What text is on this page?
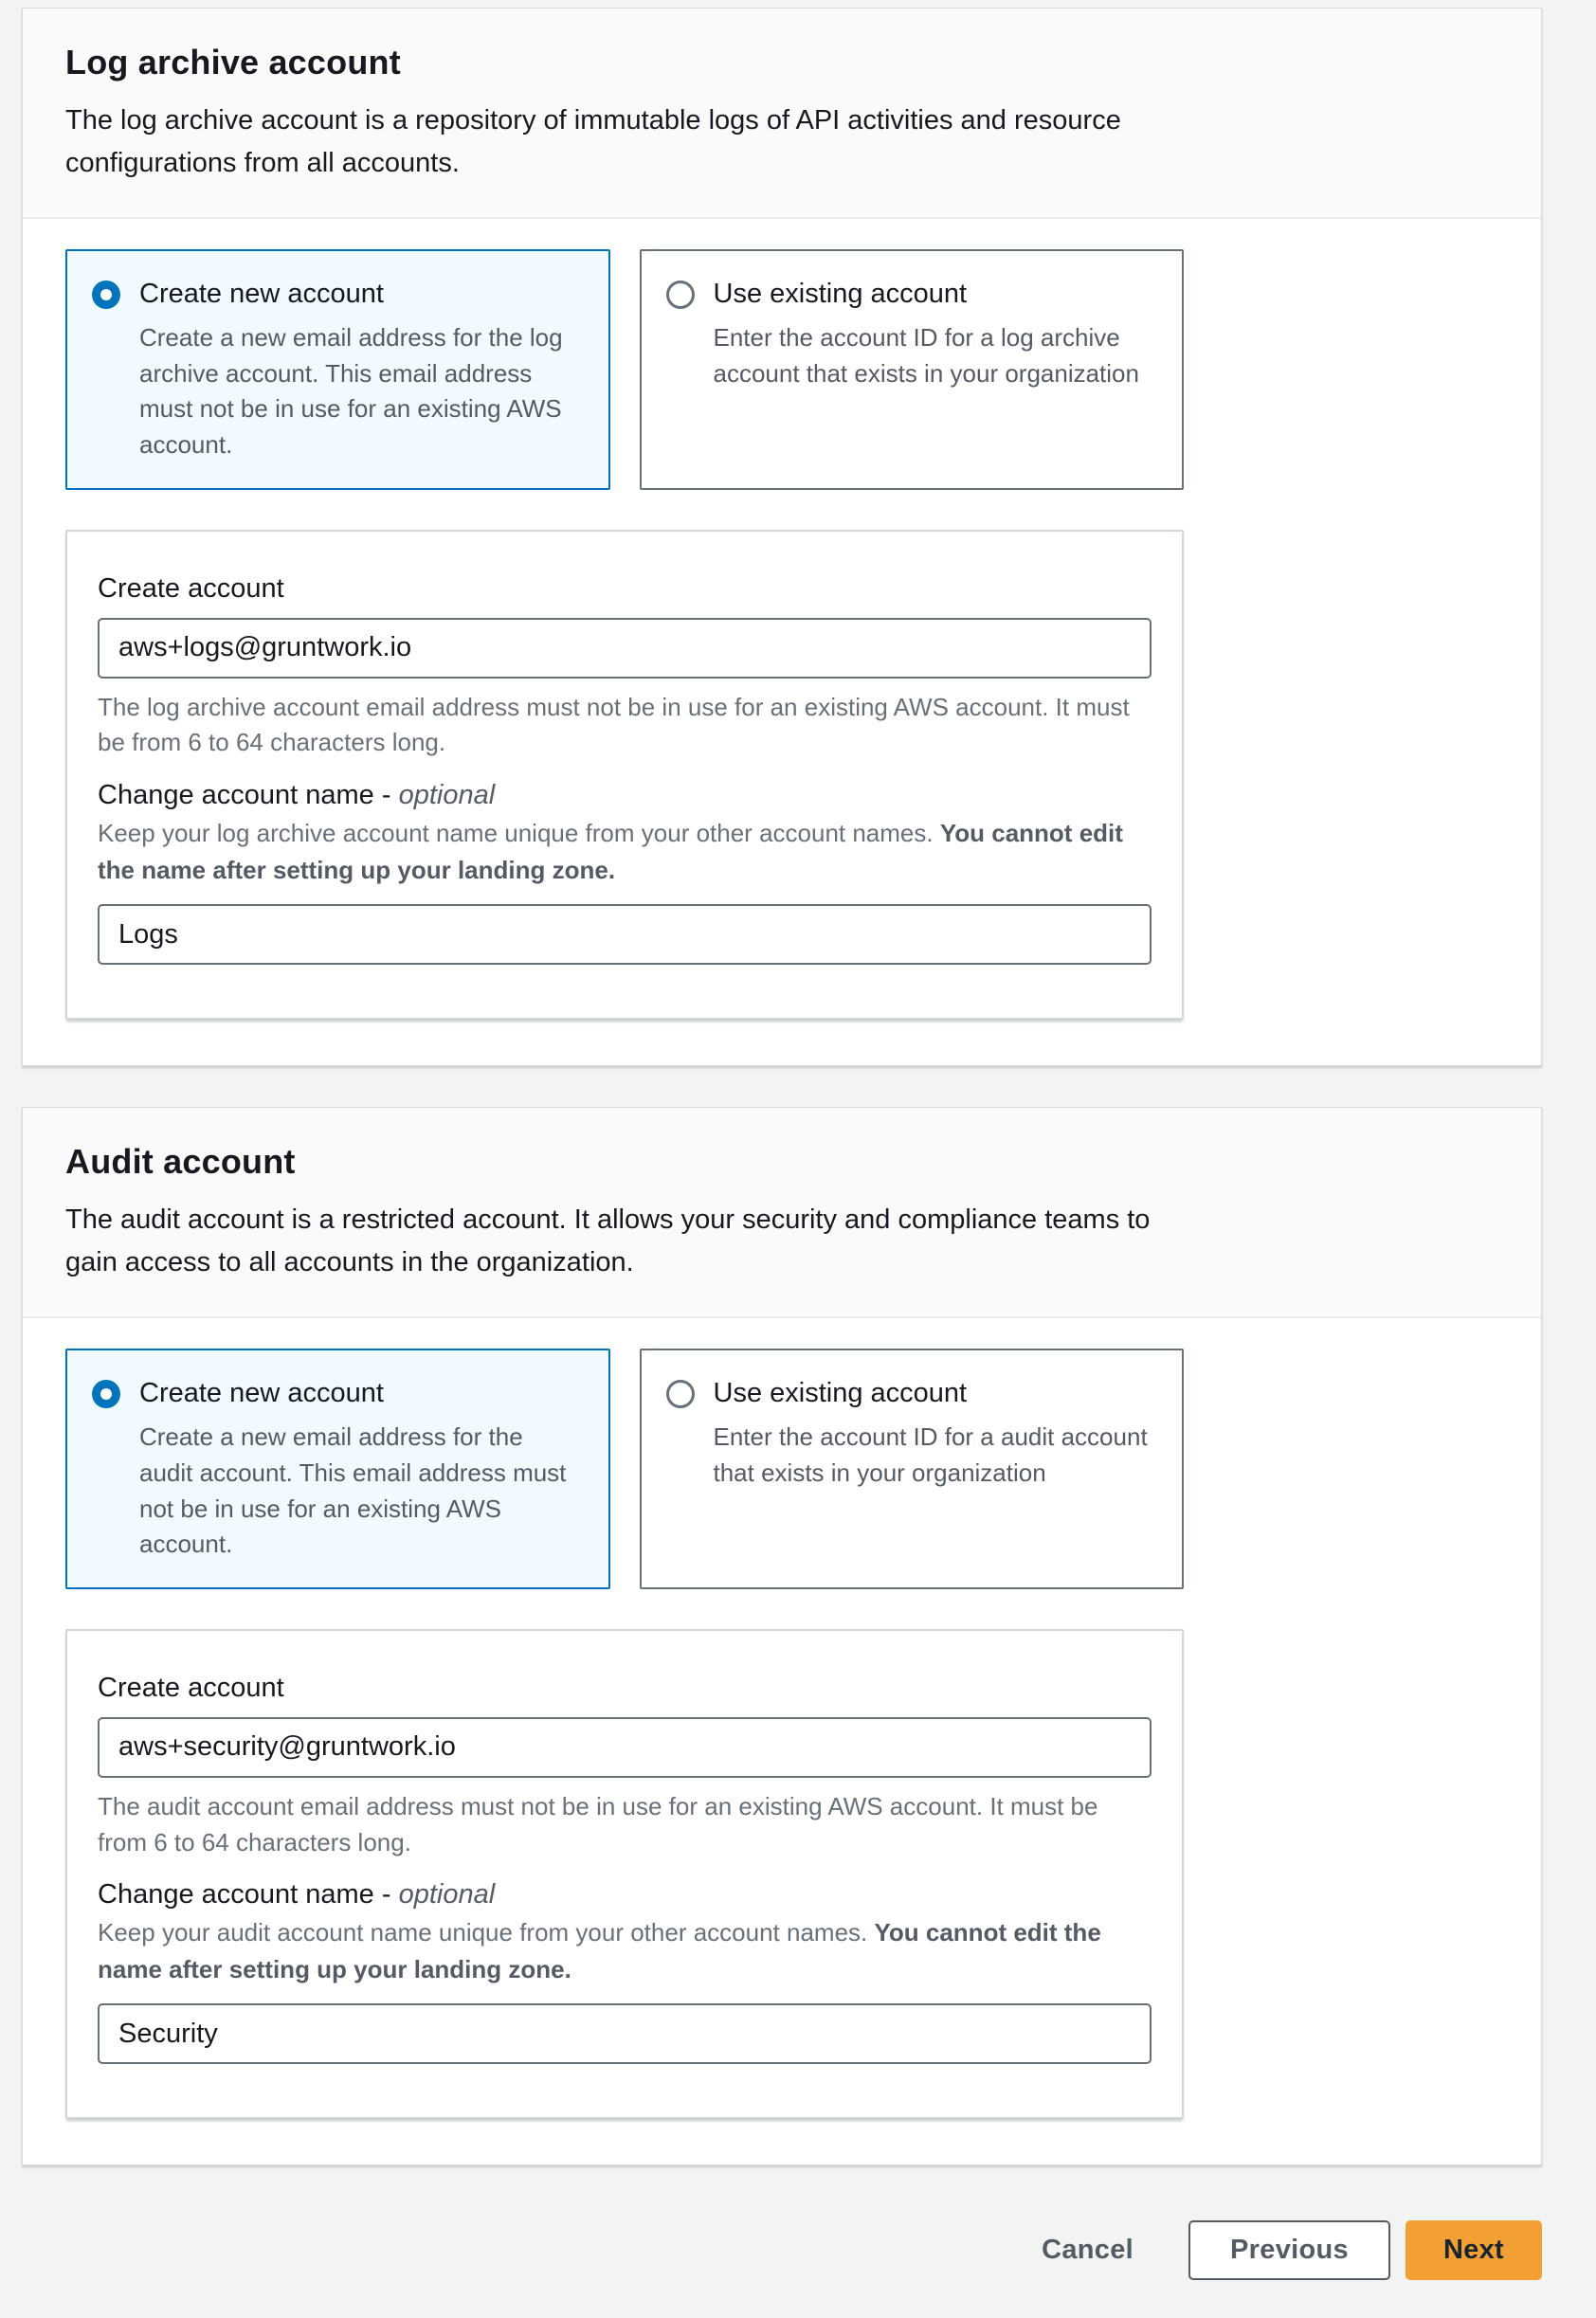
Log archive account

The log archive account is a repository of immutable logs of API activities and resource configurations from all accounts.

Create new account
Create a new email address for the log archive account. This email address must not be in use for an existing AWS account.
Use existing account
Enter the account ID for a log archive account that exists in your organization
Create account
aws+logs@gruntwork.io
The log archive account email address must not be in use for an existing AWS account. It must be from 6 to 64 characters long.
Change account name - optional
Keep your log archive account name unique from your other account names. You cannot edit the name after setting up your landing zone.
Logs
Audit account

The audit account is a restricted account. It allows your security and compliance teams to gain access to all accounts in the organization.

Create new account
Create a new email address for the audit account. This email address must not be in use for an existing AWS account.
Use existing account
Enter the account ID for a audit account that exists in your organization
Create account
aws+security@gruntwork.io
The audit account email address must not be in use for an existing AWS account. It must be from 6 to 64 characters long.
Change account name - optional
Keep your audit account name unique from your other account names. You cannot edit the name after setting up your landing zone.
Security
Cancel	Previous	Next
